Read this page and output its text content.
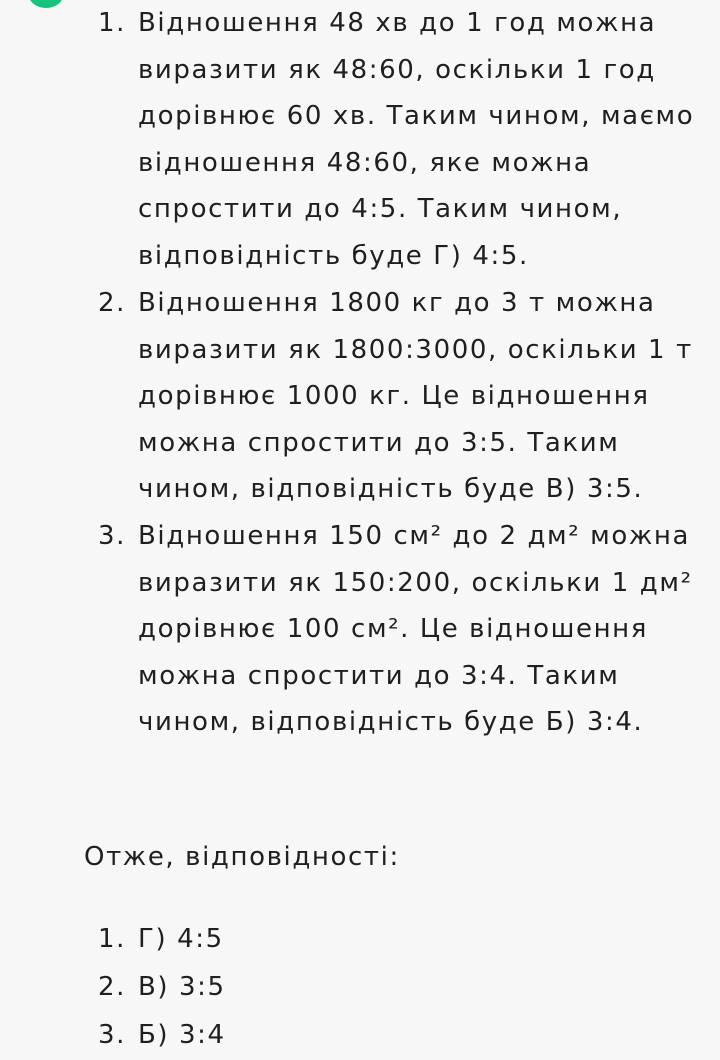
1. Відношення 48 хв до 1 год можна виразити як 48:60, оскільки 1 год дорівнює 60 хв. Таким чином, маємо відношення 48:60, яке можна спростити до 4:5. Таким чином, відповідність буде Г) 4:5.
2. Відношення 1800 кг до 3 т можна виразити як 1800:3000, оскільки 1 т дорівнює 1000 кг. Це відношення можна спростити до 3:5. Таким чином, відповідність буде В) 3:5.
3. Відношення 150 см² до 2 дм² можна виразити як 150:200, оскільки 1 дм² дорівнює 100 см². Це відношення можна спростити до 3:4. Таким чином, відповідність буде Б) 3:4.

Отже, відповідності:

1. Г) 4:5
2. В) 3:5
3. Б) 3:4
